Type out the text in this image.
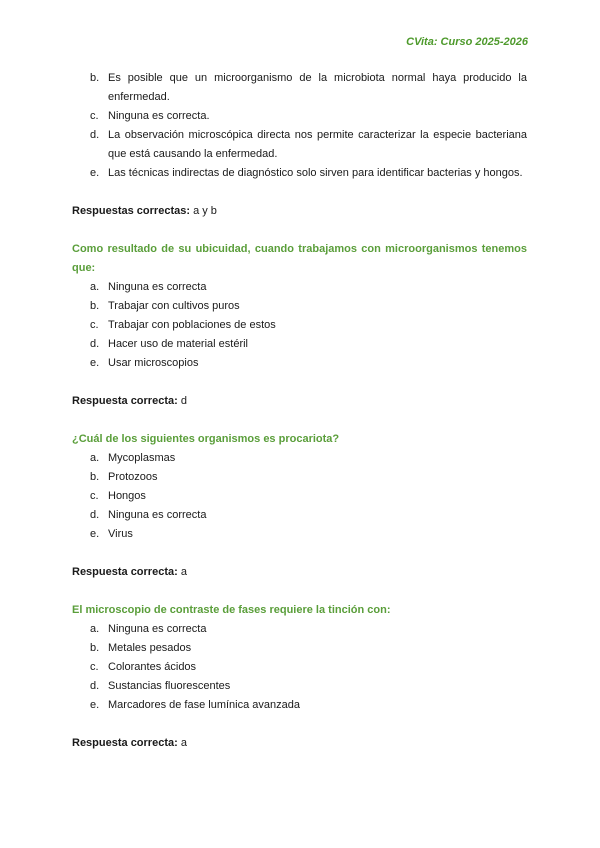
CVita: Curso 2025-2026
b. Es posible que un microorganismo de la microbiota normal haya producido la enfermedad.
c. Ninguna es correcta.
d. La observación microscópica directa nos permite caracterizar la especie bacteriana que está causando la enfermedad.
e. Las técnicas indirectas de diagnóstico solo sirven para identificar bacterias y hongos.
Respuestas correctas: a y b
Como resultado de su ubicuidad, cuando trabajamos con microorganismos tenemos que:
a. Ninguna es correcta
b. Trabajar con cultivos puros
c. Trabajar con poblaciones de estos
d. Hacer uso de material estéril
e. Usar microscopios
Respuesta correcta: d
¿Cuál de los siguientes organismos es procariota?
a. Mycoplasmas
b. Protozoos
c. Hongos
d. Ninguna es correcta
e. Virus
Respuesta correcta: a
El microscopio de contraste de fases requiere la tinción con:
a. Ninguna es correcta
b. Metales pesados
c. Colorantes ácidos
d. Sustancias fluorescentes
e. Marcadores de fase lumínica avanzada
Respuesta correcta: a
